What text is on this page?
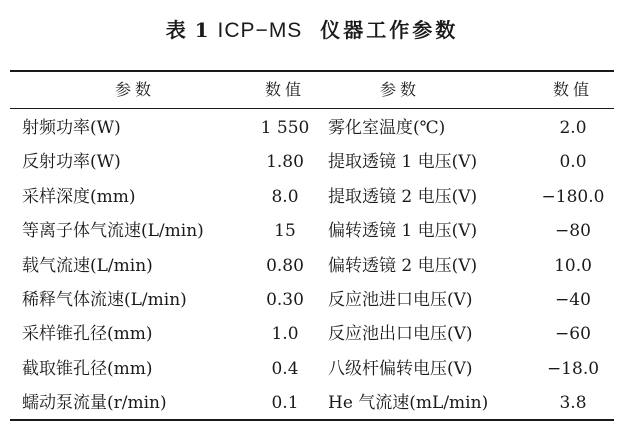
表 1 ICP−MS 仪器工作参数
参数	数值	参数	数值
射频功率(W)	1 550	雾化室温度(℃)	2.0
反射功率(W)	1.80	提取透镜 1 电压(V)	0.0
采样深度(mm)	8.0	提取透镜 2 电压(V)	−180.0
等离子体气流速(L/min)	15	偏转透镜 1 电压(V)	−80
载气流速(L/min)	0.80	偏转透镜 2 电压(V)	10.0
稀释气体流速(L/min)	0.30	反应池进口电压(V)	−40
采样锥孔径(mm)	1.0	反应池出口电压(V)	−60
截取锥孔径(mm)	0.4	八级杆偏转电压(V)	−18.0
蠕动泵流量(r/min)	0.1	He 气流速(mL/min)	3.8
